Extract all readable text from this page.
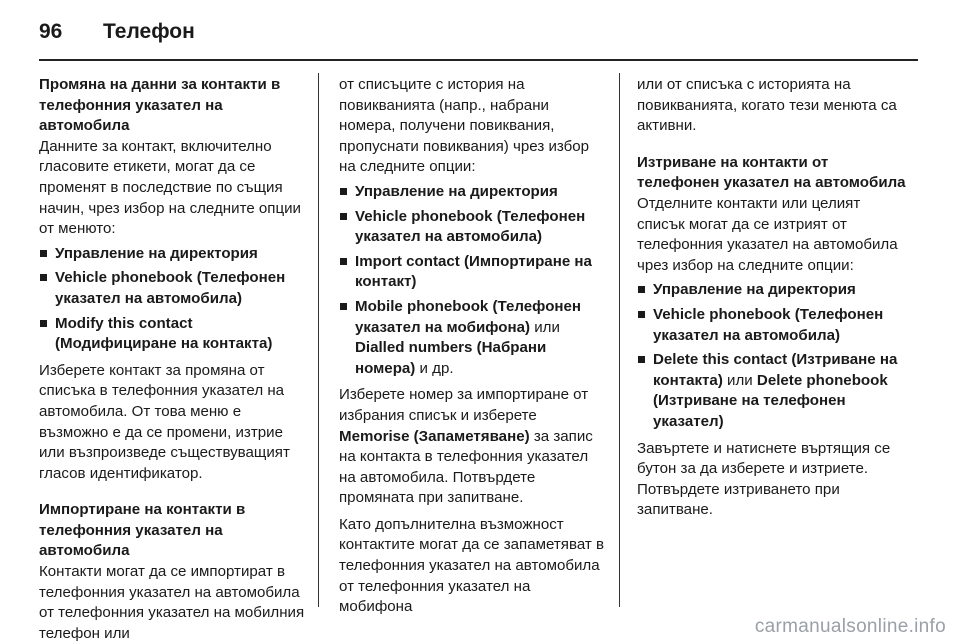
96	Телефон

Промяна на данни за контакти в телефонния указател на автомобила

Данните за контакт, включително гласовите етикети, могат да се променят в последствие по същия начин, чрез избор на следните опции от менюто:

Управление на директория
Vehicle phonebook (Телефонен указател на автомобила)
Modify this contact (Модифициране на контакта)

Изберете контакт за промяна от списъка в телефонния указател на автомобила. От това меню е възможно е да се промени, изтрие или възпроизведе съществуващият гласов идентификатор.

Импортиране на контакти в телефонния указател на автомобила

Контакти могат да се импортират в телефонния указател на автомобила от телефонния указател на мобилния телефон или

от списъците с история на повикванията (напр., набрани номера, получени повиквания, пропуснати повиквания) чрез избор на следните опции:

Управление на директория
Vehicle phonebook (Телефонен указател на автомобила)
Import contact (Импортиране на контакт)
Mobile phonebook (Телефонен указател на мобифона) или Dialled numbers (Набрани номера) и др.

Изберете номер за импортиране от избрания списък и изберете Memorise (Запаметяване) за запис на контакта в телефонния указател на автомобила. Потвърдете промяната при запитване.

Като допълнителна възможност контактите могат да се запаметяват в телефонния указател на автомобила от телефонния указател на мобифона

или от списъка с историята на повикванията, когато тези менюта са активни.

Изтриване на контакти от телефонен указател на автомобила

Отделните контакти или целият списък могат да се изтрият от телефонния указател на автомобила чрез избор на следните опции:

Управление на директория
Vehicle phonebook (Телефонен указател на автомобила)
Delete this contact (Изтриване на контакта) или Delete phonebook (Изтриване на телефонен указател)

Завъртете и натиснете въртящия се бутон за да изберете и изтриете. Потвърдете изтриването при запитване.

carmanualsonline.info
